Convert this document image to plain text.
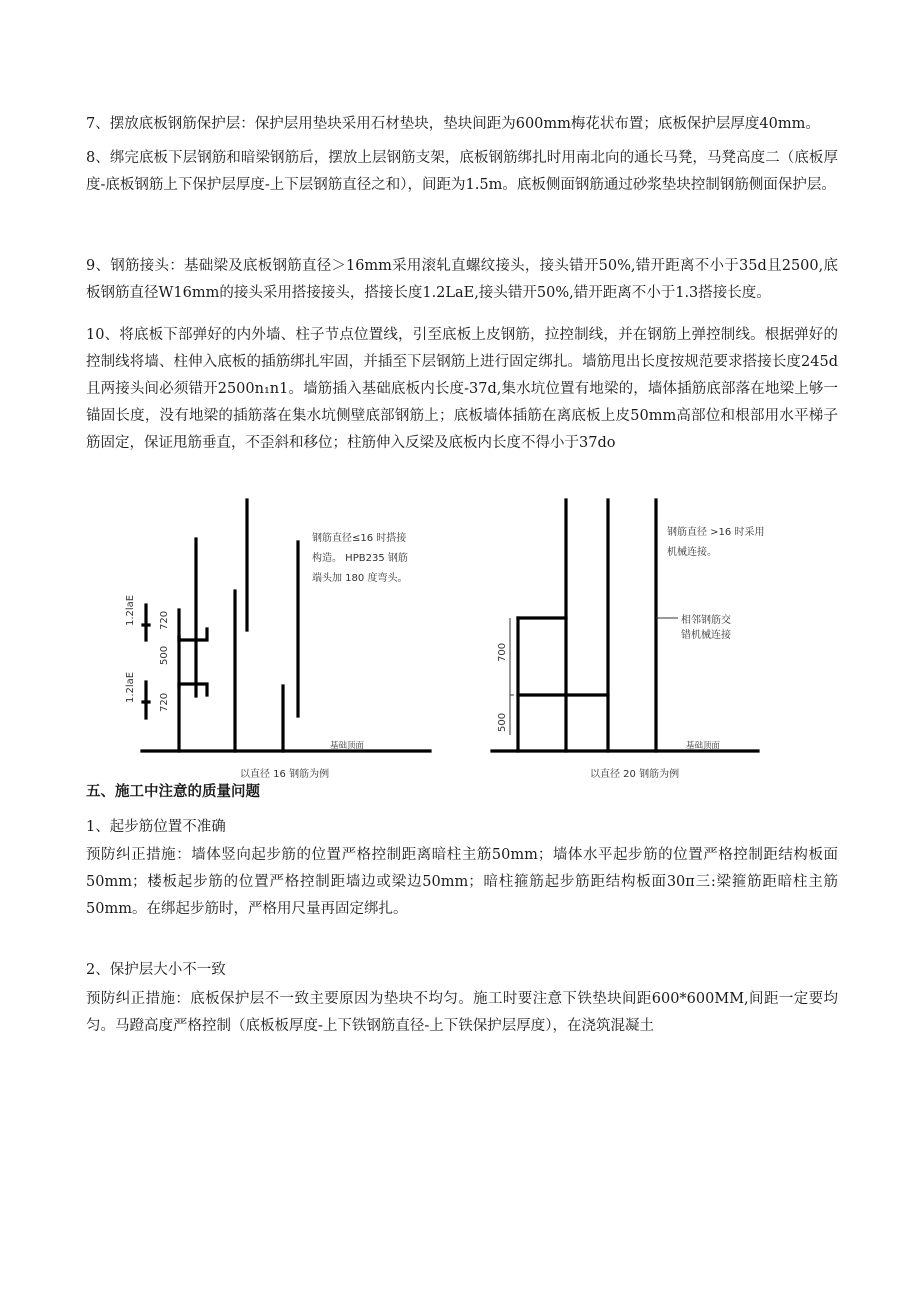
7、摆放底板钢筋保护层：保护层用垫块采用石材垫块，垫块间距为600mm梅花状布置；底板保护层厚度40mm。

8、绑完底板下层钢筋和暗梁钢筋后，摆放上层钢筋支架，底板钢筋绑扎时用南北向的通长马凳，马凳高度二（底板厚度-底板钢筋上下保护层厚度-上下层钢筋直径之和），间距为1.5m。底板侧面钢筋通过砂浆垫块控制钢筋侧面保护层。

9、钢筋接头：基础梁及底板钢筋直径＞16mm采用滚轧直螺纹接头，接头错开50%,错开距离不小于35d且2500,底板钢筋直径W16mm的接头采用搭接接头，搭接长度1.2LaE,接头错开50%,错开距离不小于1.3搭接长度。

10、将底板下部弹好的内外墙、柱子节点位置线，引至底板上皮钢筋，拉控制线，并在钢筋上弹控制线。根据弹好的控制线将墙、柱伸入底板的插筋绑扎牢固，并插至下层钢筋上进行固定绑扎。墙筋甩出长度按规范要求搭接长度245d且两接头间必须错开2500n₁n1。墙筋插入基础底板内长度-37d,集水坑位置有地梁的，墙体插筋底部落在地梁上够一锚固长度，没有地梁的插筋落在集水坑侧壁底部钢筋上；底板墙体插筋在离底板上皮50mm高部位和根部用水平梯子筋固定，保证甩筋垂直，不歪斜和移位；柱筋伸入反梁及底板内长度不得小于37do

1.2laE
1.2laE
720
500
720
钢筋直径≤16 时搭接
构造。 HPB235 钢筋
端头加 180 度弯头。
基础顶面
以直径 16 钢筋为例
700
500
钢筋直径 >16 时采用
机械连接。
相邻钢筋交
错机械连接
基础顶面
以直径 20 钢筋为例

五、施工中注意的质量问题

1、起步筋位置不准确

预防纠正措施：墙体竖向起步筋的位置严格控制距离暗柱主筋50mm；墙体水平起步筋的位置严格控制距结构板面50mm；楼板起步筋的位置严格控制距墙边或梁边50mm；暗柱箍筋起步筋距结构板面30π三:梁箍筋距暗柱主筋50mm。在绑起步筋时，严格用尺量再固定绑扎。

2、保护层大小不一致

预防纠正措施：底板保护层不一致主要原因为垫块不均匀。施工时要注意下铁垫块间距600*600MM,间距一定要均匀。马蹬高度严格控制（底板板厚度-上下铁钢筋直径-上下铁保护层厚度），在浇筑混凝土
